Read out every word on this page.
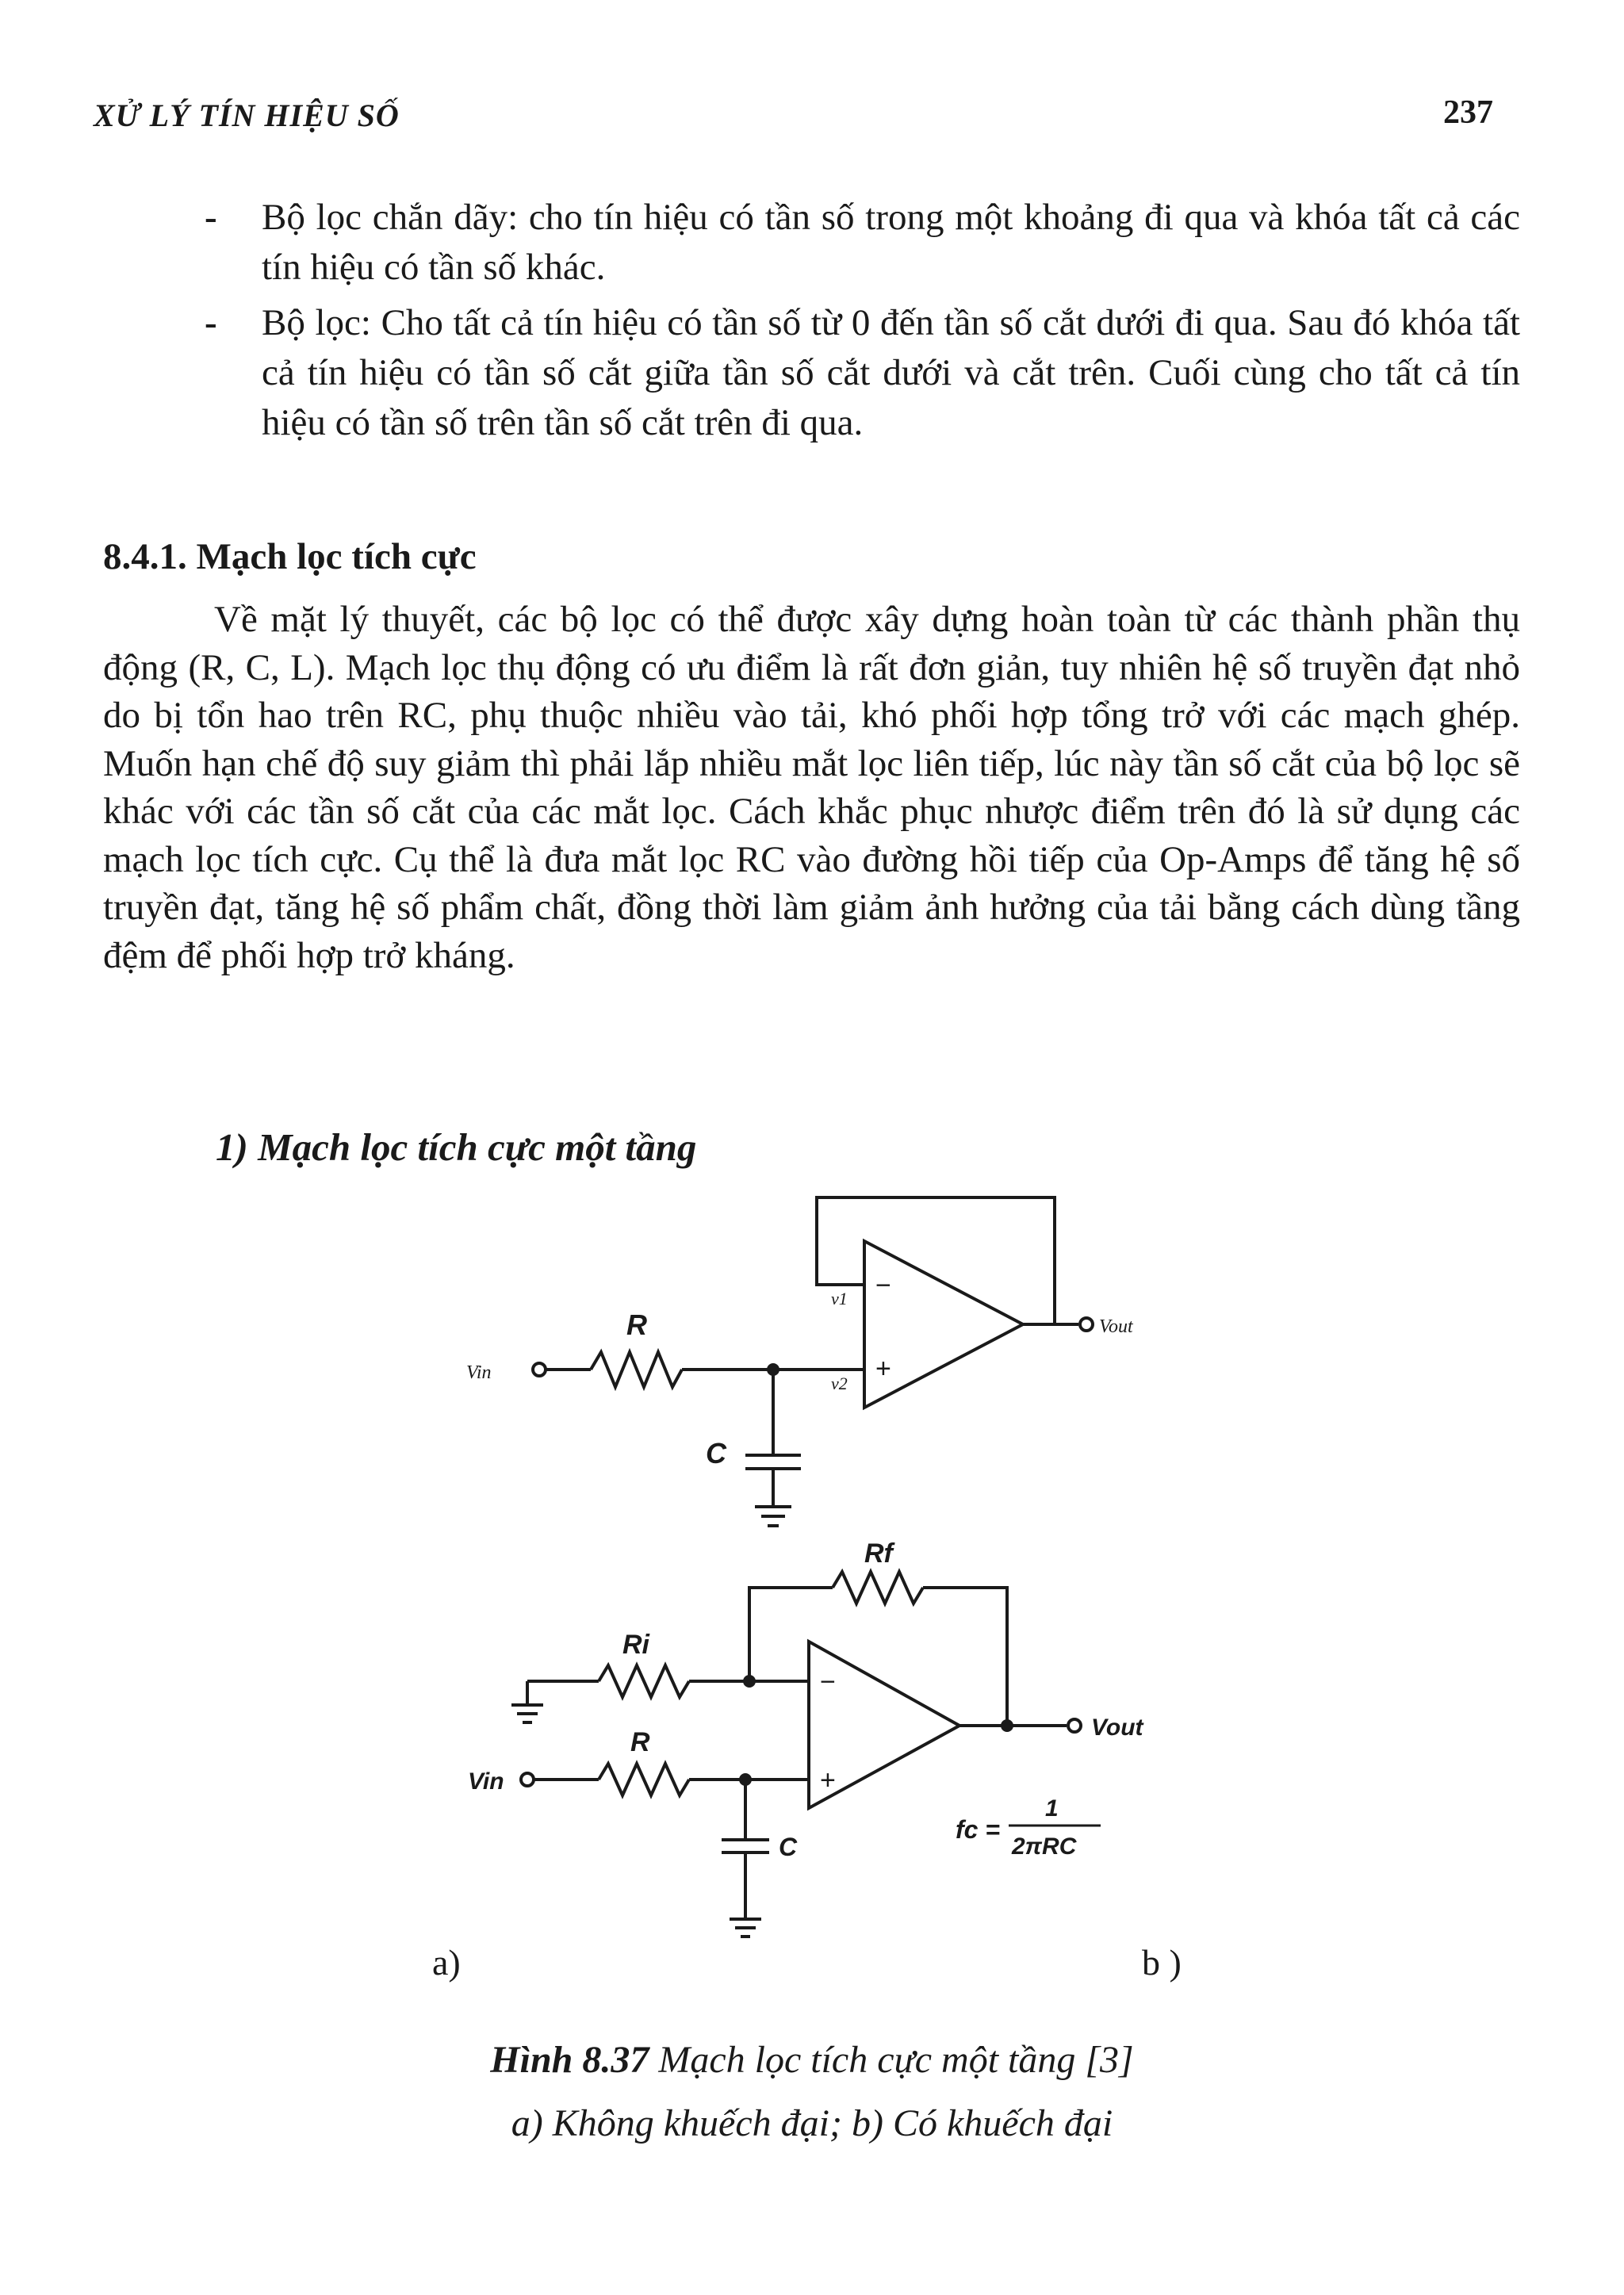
XỬ LÝ TÍN HIỆU SỐ	237
- Bộ lọc chắn dãy: cho tín hiệu có tần số trong một khoảng đi qua và khóa tất cả các tín hiệu có tần số khác.
- Bộ lọc: Cho tất cả tín hiệu có tần số từ 0 đến tần số cắt dưới đi qua. Sau đó khóa tất cả tín hiệu có tần số cắt giữa tần số cắt dưới và cắt trên. Cuối cùng cho tất cả tín hiệu có tần số trên tần số cắt trên đi qua.
8.4.1. Mạch lọc tích cực
Về mặt lý thuyết, các bộ lọc có thể được xây dựng hoàn toàn từ các thành phần thụ động (R, C, L). Mạch lọc thụ động có ưu điểm là rất đơn giản, tuy nhiên hệ số truyền đạt nhỏ do bị tổn hao trên RC, phụ thuộc nhiều vào tải, khó phối hợp tổng trở với các mạch ghép. Muốn hạn chế độ suy giảm thì phải lắp nhiều mắt lọc liên tiếp, lúc này tần số cắt của bộ lọc sẽ khác với các tần số cắt của các mắt lọc. Cách khắc phục nhược điểm trên đó là sử dụng các mạch lọc tích cực. Cụ thể là đưa mắt lọc RC vào đường hồi tiếp của Op-Amps để tăng hệ số truyền đạt, tăng hệ số phẩm chất, đồng thời làm giảm ảnh hưởng của tải bằng cách dùng tầng đệm để phối hợp trở kháng.
1) Mạch lọc tích cực một tầng
R
C
Vin
Vout
v1
v2
−
+
Rf
Ri
R
C
Vin
Vout
−
+
fc =
1
2πRC
a)	b )
Hình 8.37 Mạch lọc tích cực một tầng [3]
a) Không khuếch đại; b) Có khuếch đại
